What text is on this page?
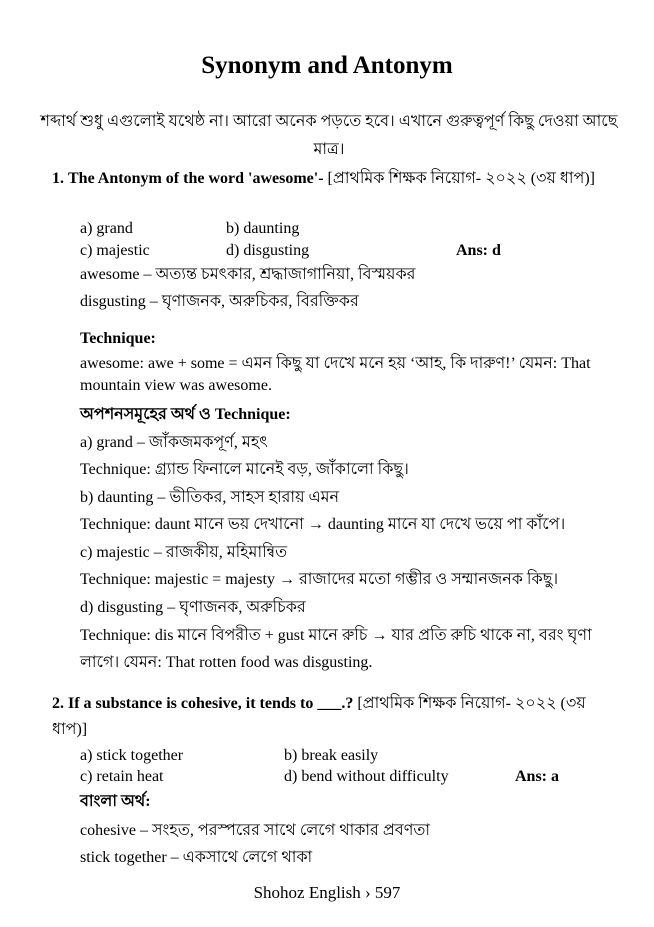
Synonym and Antonym
শব্দার্থ শুধু এগুলোই যথেষ্ঠ না। আরো অনেক পড়তে হবে। এখানে গুরুত্বপূর্ণ কিছু দেওয়া আছে মাত্র।
1. The Antonym of the word 'awesome'- [প্রাথমিক শিক্ষক নিয়োগ- ২০২২ (৩য় ধাপ)]
a) grand	b) daunting
c) majestic	d) disgusting	Ans: d
awesome – অত্যন্ত চমৎকার, শ্রদ্ধাজাগানিয়া, বিস্ময়কর
disgusting – ঘৃণাজনক, অরুচিকর, বিরক্তিকর
Technique:
awesome: awe + some = এমন কিছু যা দেখে মনে হয় ‘আহ, কি দারুণ!’ যেমন: That mountain view was awesome.
অপশনসমূহের অর্থ ও Technique:
a) grand – জাঁকজমকপূর্ণ, মহৎ
Technique: গ্র্যান্ড ফিনালে মানেই বড়, জাঁকালো কিছু।
b) daunting – ভীতিকর, সাহস হারায় এমন
Technique: daunt মানে ভয় দেখানো → daunting মানে যা দেখে ভয়ে পা কাঁপে।
c) majestic – রাজকীয়, মহিমান্বিত
Technique: majestic = majesty → রাজাদের মতো গম্ভীর ও সম্মানজনক কিছু।
d) disgusting – ঘৃণাজনক, অরুচিকর
Technique: dis মানে বিপরীত + gust মানে রুচি → যার প্রতি রুচি থাকে না, বরং ঘৃণা লাগে। যেমন: That rotten food was disgusting.
2. If a substance is cohesive, it tends to ___.? [প্রাথমিক শিক্ষক নিয়োগ- ২০২২ (৩য় ধাপ)]
a) stick together	b) break easily
c) retain heat	d) bend without difficulty	Ans: a
বাংলা অর্থ:
cohesive – সংহত, পরস্পরের সাথে লেগে থাকার প্রবণতা
stick together – একসাথে লেগে থাকা
Shohoz English › 597
